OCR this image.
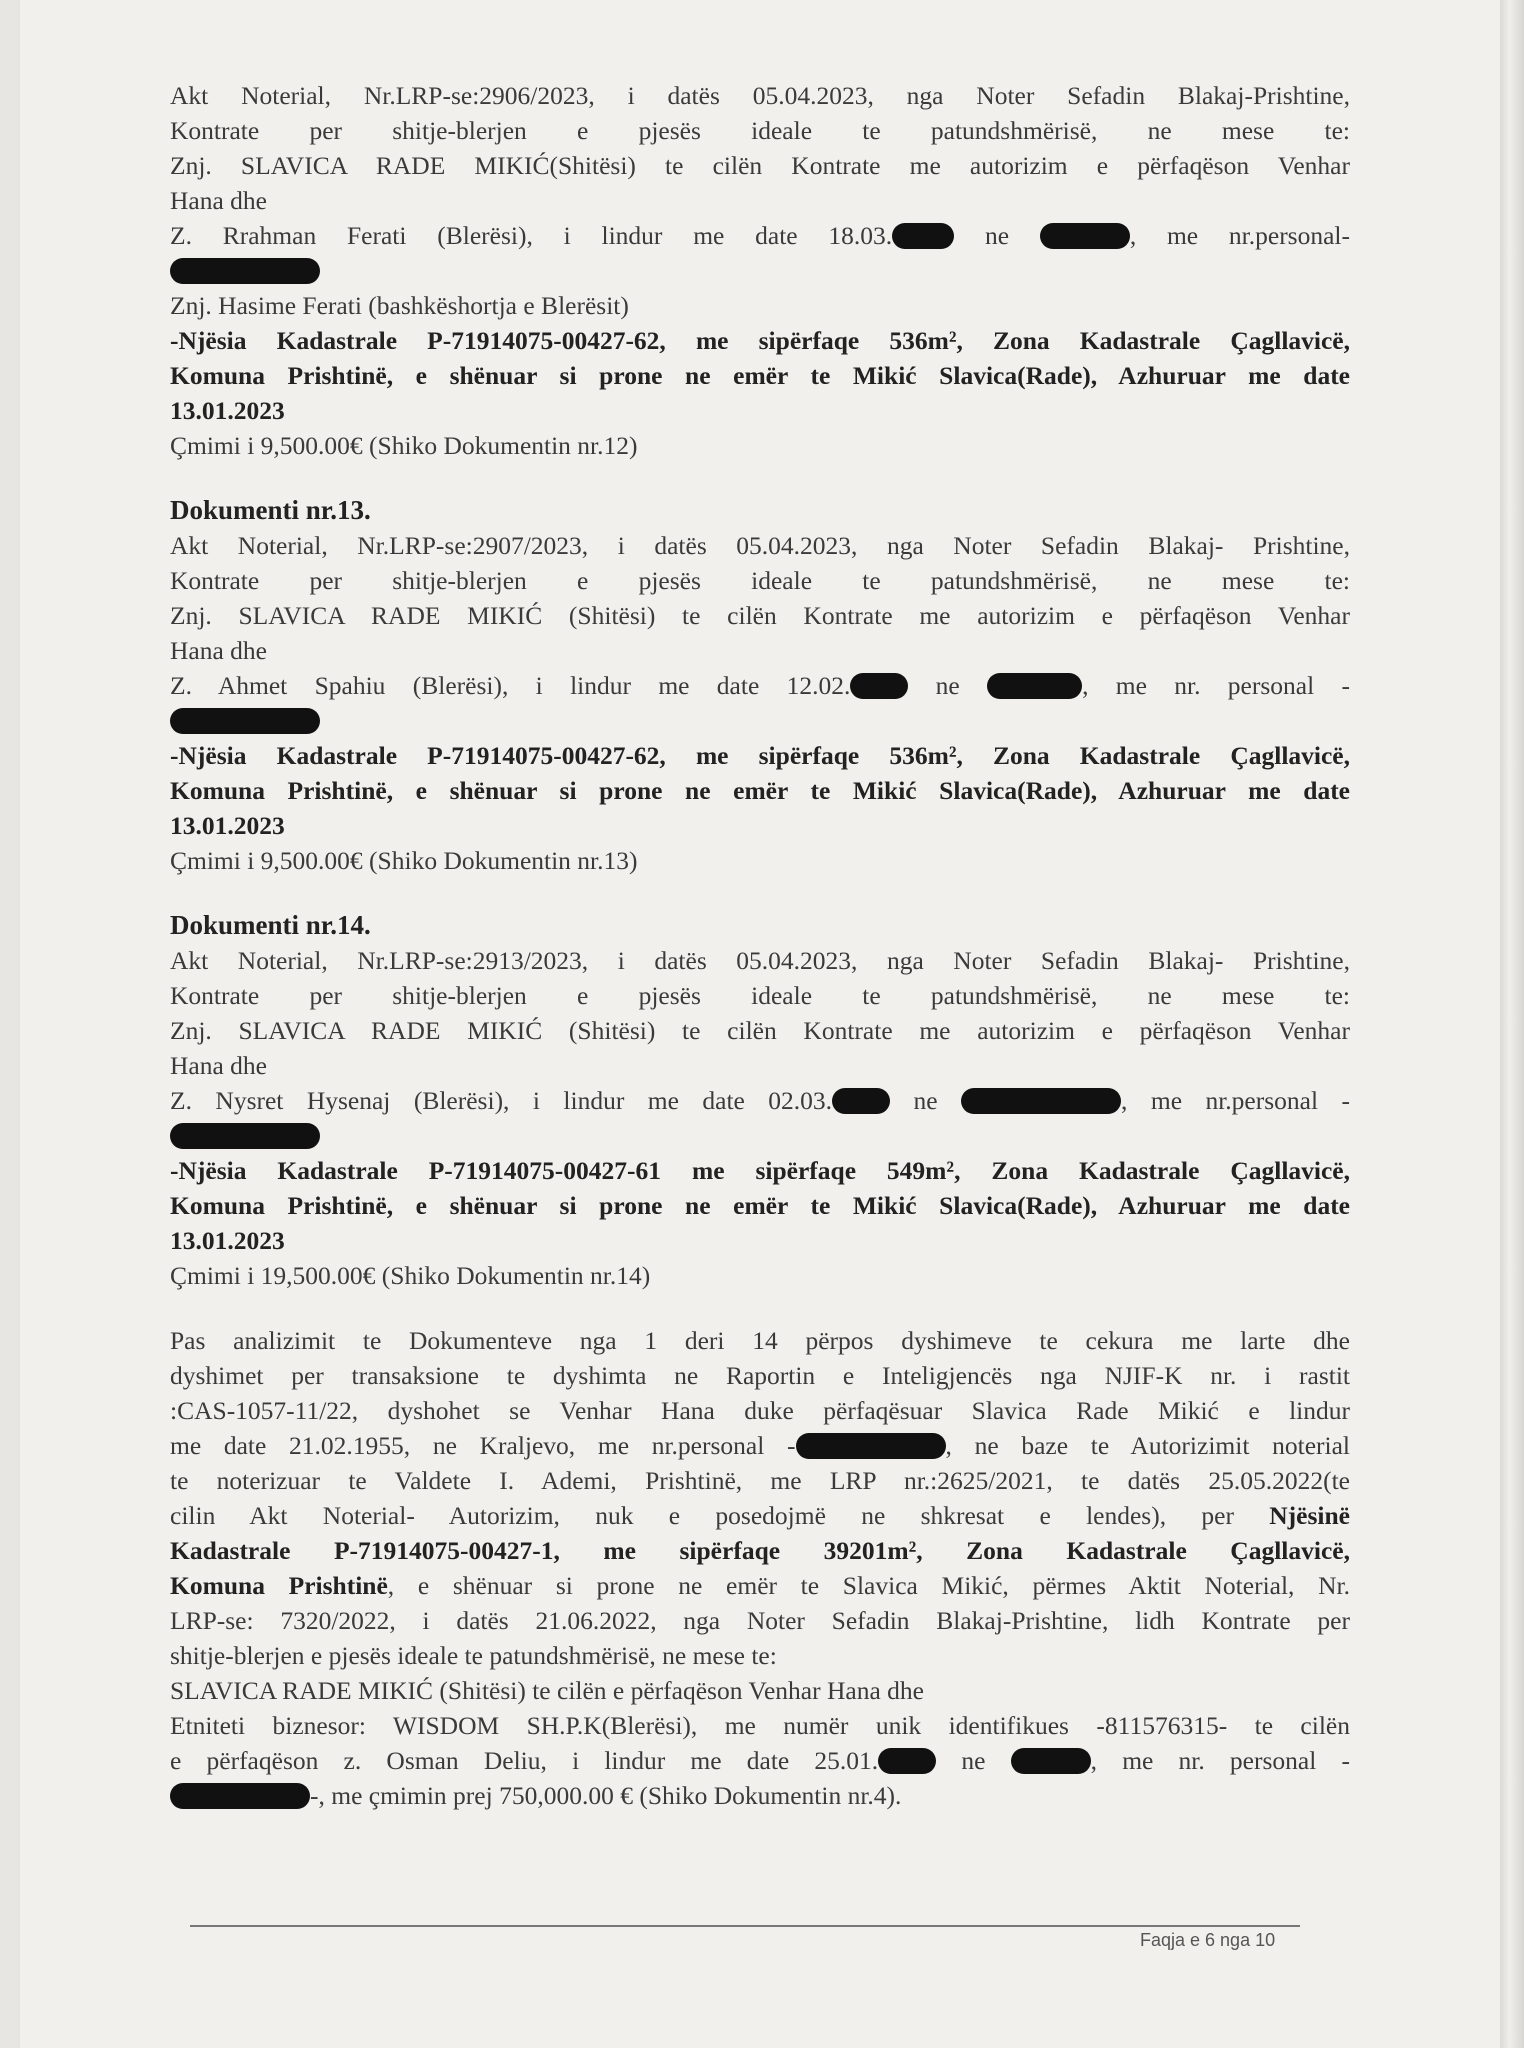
Akt Noterial, Nr.LRP-se:2906/2023, i datës 05.04.2023, nga Noter Sefadin Blakaj-Prishtine,

Kontrate per shitje-blerjen e pjesës ideale te patundshmërisë, ne mese te:

Znj. SLAVICA RADE MIKIĆ(Shitësi) te cilën Kontrate me autorizim e përfaqëson Venhar

Hana dhe

Z. Rrahman Ferati (Blerësi), i lindur me date 18.03. ne	, me nr.personal-

Znj. Hasime Ferati (bashkëshortja e Blerësit)

-Njësia Kadastrale P-71914075-00427-62, me sipërfaqe 536m², Zona Kadastrale Çagllavicë,

Komuna Prishtinë, e shënuar si prone ne emër te Mikić Slavica(Rade), Azhuruar me date

13.01.2023

Çmimi i 9,500.00€ (Shiko Dokumentin nr.12)

Dokumenti nr.13.

Akt Noterial, Nr.LRP-se:2907/2023, i datës 05.04.2023, nga Noter Sefadin Blakaj- Prishtine,

Kontrate per shitje-blerjen e pjesës ideale te patundshmërisë, ne mese te:

Znj. SLAVICA RADE MIKIĆ (Shitësi) te cilën Kontrate me autorizim e përfaqëson Venhar

Hana dhe

Z. Ahmet Spahiu (Blerësi), i lindur me date 12.02. ne	, me nr. personal -

-Njësia Kadastrale P-71914075-00427-62, me sipërfaqe 536m², Zona Kadastrale Çagllavicë,

Komuna Prishtinë, e shënuar si prone ne emër te Mikić Slavica(Rade), Azhuruar me date

13.01.2023

Çmimi i 9,500.00€ (Shiko Dokumentin nr.13)

Dokumenti nr.14.

Akt Noterial, Nr.LRP-se:2913/2023, i datës 05.04.2023, nga Noter Sefadin Blakaj- Prishtine,

Kontrate per shitje-blerjen e pjesës ideale te patundshmërisë, ne mese te:

Znj. SLAVICA RADE MIKIĆ (Shitësi) te cilën Kontrate me autorizim e përfaqëson Venhar

Hana dhe

Z. Nysret Hysenaj (Blerësi), i lindur me date 02.03. ne	, me nr.personal -

-Njësia Kadastrale P-71914075-00427-61 me sipërfaqe 549m², Zona Kadastrale Çagllavicë,

Komuna Prishtinë, e shënuar si prone ne emër te Mikić Slavica(Rade), Azhuruar me date

13.01.2023

Çmimi i 19,500.00€ (Shiko Dokumentin nr.14)

Pas analizimit te Dokumenteve nga 1 deri 14 përpos dyshimeve te cekura me larte dhe

dyshimet per transaksione te dyshimta ne Raportin e Inteligjencës nga NJIF-K nr. i rastit

:CAS-1057-11/22, dyshohet se Venhar Hana duke përfaqësuar Slavica Rade Mikić e lindur

me date 21.02.1955, ne Kraljevo, me nr.personal -	, ne baze te Autorizimit noterial

te noterizuar te Valdete I. Ademi, Prishtinë, me LRP nr.:2625/2021, te datës 25.05.2022(te

cilin Akt Noterial- Autorizim, nuk e posedojmë ne shkresat e lendes), per Njësinë

Kadastrale P-71914075-00427-1, me sipërfaqe 39201m², Zona Kadastrale Çagllavicë,

Komuna Prishtinë, e shënuar si prone ne emër te Slavica Mikić, përmes Aktit Noterial, Nr.

LRP-se: 7320/2022, i datës 21.06.2022, nga Noter Sefadin Blakaj-Prishtine, lidh Kontrate per

shitje-blerjen e pjesës ideale te patundshmërisë, ne mese te:

SLAVICA RADE MIKIĆ (Shitësi) te cilën e përfaqëson Venhar Hana dhe

Etniteti biznesor: WISDOM SH.P.K(Blerësi), me numër unik identifikues -811576315- te cilën

e përfaqëson z. Osman Deliu, i lindur me date 25.01. ne	, me nr. personal -

-, me çmimin prej 750,000.00 € (Shiko Dokumentin nr.4).

Faqja e 6 nga 10
